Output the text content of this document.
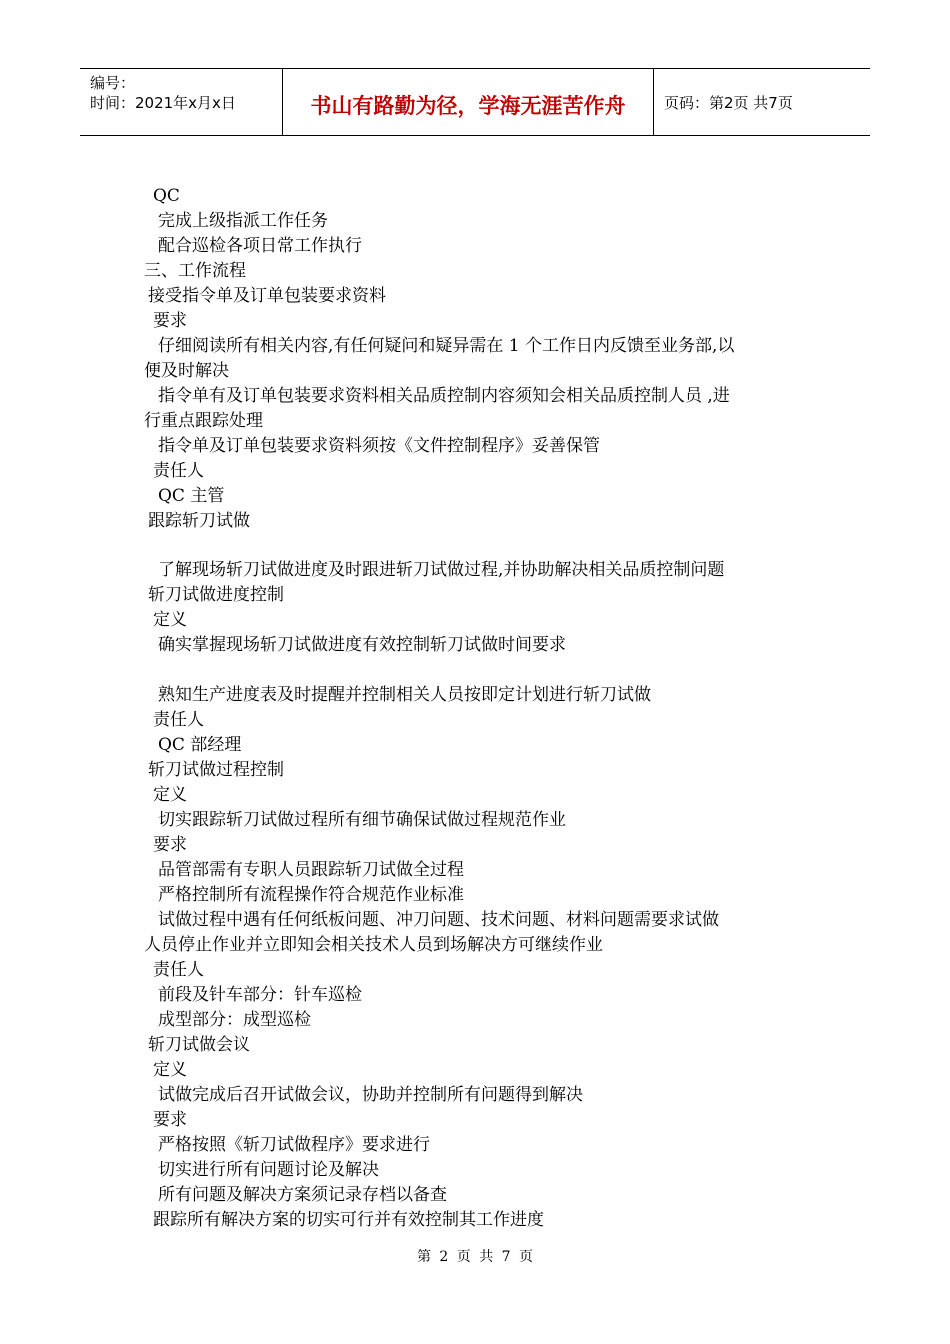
编号：
时间：2021年x月x日	书山有路勤为径，学海无涯苦作舟	页码：第2页 共7页
QC
完成上级指派工作任务
配合巡检各项日常工作执行
三、工作流程
接受指令单及订单包装要求资料
要求
仔细阅读所有相关内容,有任何疑问和疑异需在 1 个工作日内反馈至业务部,以
便及时解决
指令单有及订单包装要求资料相关品质控制内容须知会相关品质控制人员 ,进
行重点跟踪处理
指令单及订单包装要求资料须按《文件控制程序》妥善保管
责任人
QC 主管
跟踪斩刀试做
了解现场斩刀试做进度及时跟进斩刀试做过程,并协助解决相关品质控制问题
斩刀试做进度控制
定义
确实掌握现场斩刀试做进度有效控制斩刀试做时间要求
熟知生产进度表及时提醒并控制相关人员按即定计划进行斩刀试做
责任人
QC 部经理
斩刀试做过程控制
定义
切实跟踪斩刀试做过程所有细节确保试做过程规范作业
要求
品管部需有专职人员跟踪斩刀试做全过程
严格控制所有流程操作符合规范作业标准
试做过程中遇有任何纸板问题、冲刀问题、技术问题、材料问题需要求试做
人员停止作业并立即知会相关技术人员到场解决方可继续作业
责任人
前段及针车部分：针车巡检
成型部分：成型巡检
斩刀试做会议
定义
试做完成后召开试做会议，协助并控制所有问题得到解决
要求
严格按照《斩刀试做程序》要求进行
切实进行所有问题讨论及解决
所有问题及解决方案须记录存档以备查
跟踪所有解决方案的切实可行并有效控制其工作进度
第 2 页 共 7 页
